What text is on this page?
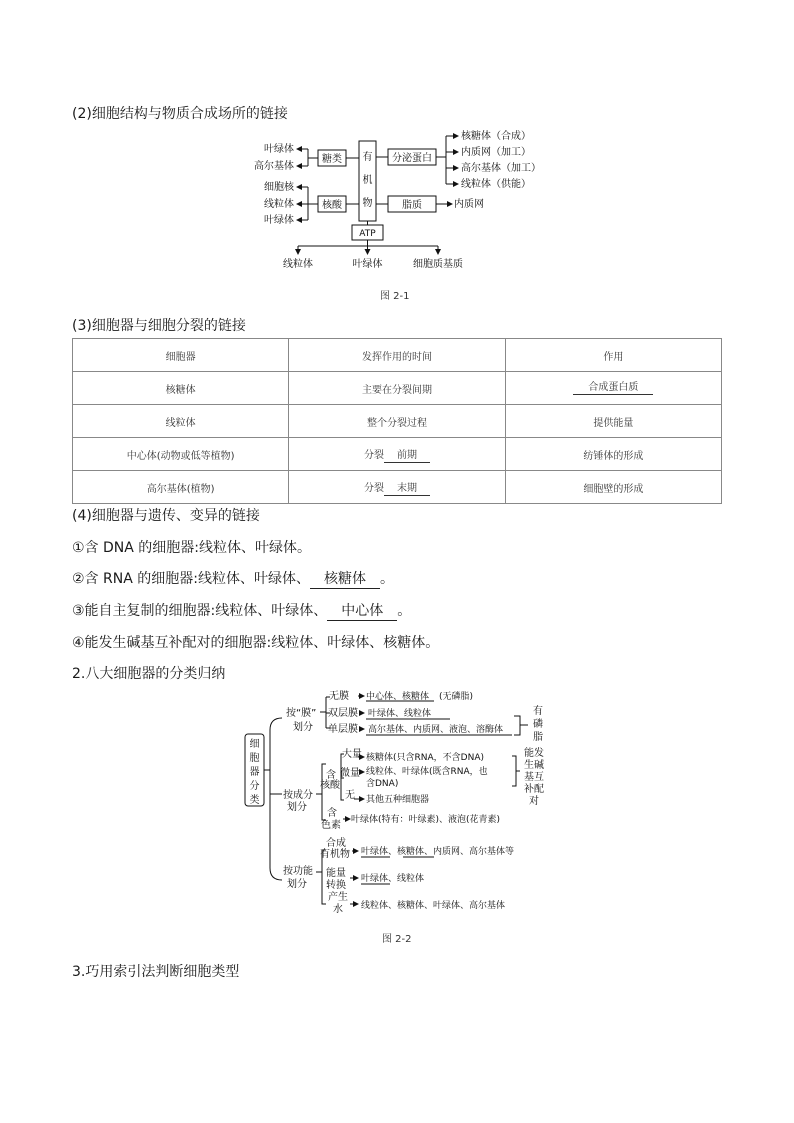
(2)细胞结构与物质合成场所的链接
有
机
物
糖类
叶绿体
高尔基体
核酸
细胞核
线粒体
叶绿体
分泌蛋白
核糖体（合成）
内质网（加工）
高尔基体（加工）
线粒体（供能）
脂质	内质网
ATP
线粒体	叶绿体	细胞质基质
图 2-1
(3)细胞器与细胞分裂的链接
细胞器	发挥作用的时间	作用
核糖体	主要在分裂间期	合成蛋白质
线粒体	整个分裂过程	提供能量
中心体(动物或低等植物)	分裂 前期	纺锤体的形成
高尔基体(植物)	分裂 末期	细胞壁的形成
(4)细胞器与遗传、变异的链接
①含 DNA 的细胞器:线粒体、叶绿体。
②含 RNA 的细胞器:线粒体、叶绿体、 核糖体 。
③能自主复制的细胞器:线粒体、叶绿体、 中心体 。
④能发生碱基互补配对的细胞器:线粒体、叶绿体、核糖体。
2.八大细胞器的分类归纳
细
胞
器
分
类
按“膜”
划分
无膜
双层膜
单层膜
中心体、核糖体 (无磷脂)
叶绿体、线粒体
高尔基体、内质网、液泡、溶酶体
有
磷
脂
按成分
划分
含
核酸
大量
微量
无
核糖体(只含RNA，不含DNA)
线粒体、叶绿体(既含RNA，也
含DNA)
其他五种细胞器
能发
生碱
基互
补配
对
含
色素 叶绿体(特有：叶绿素)、液泡(花青素)
按功能
划分
合成
有机物 叶绿体、核糖体、内质网、高尔基体等
能量
转换
叶绿体、线粒体
产生
水 线粒体、核糖体、叶绿体、高尔基体
图 2-2
3.巧用索引法判断细胞类型
